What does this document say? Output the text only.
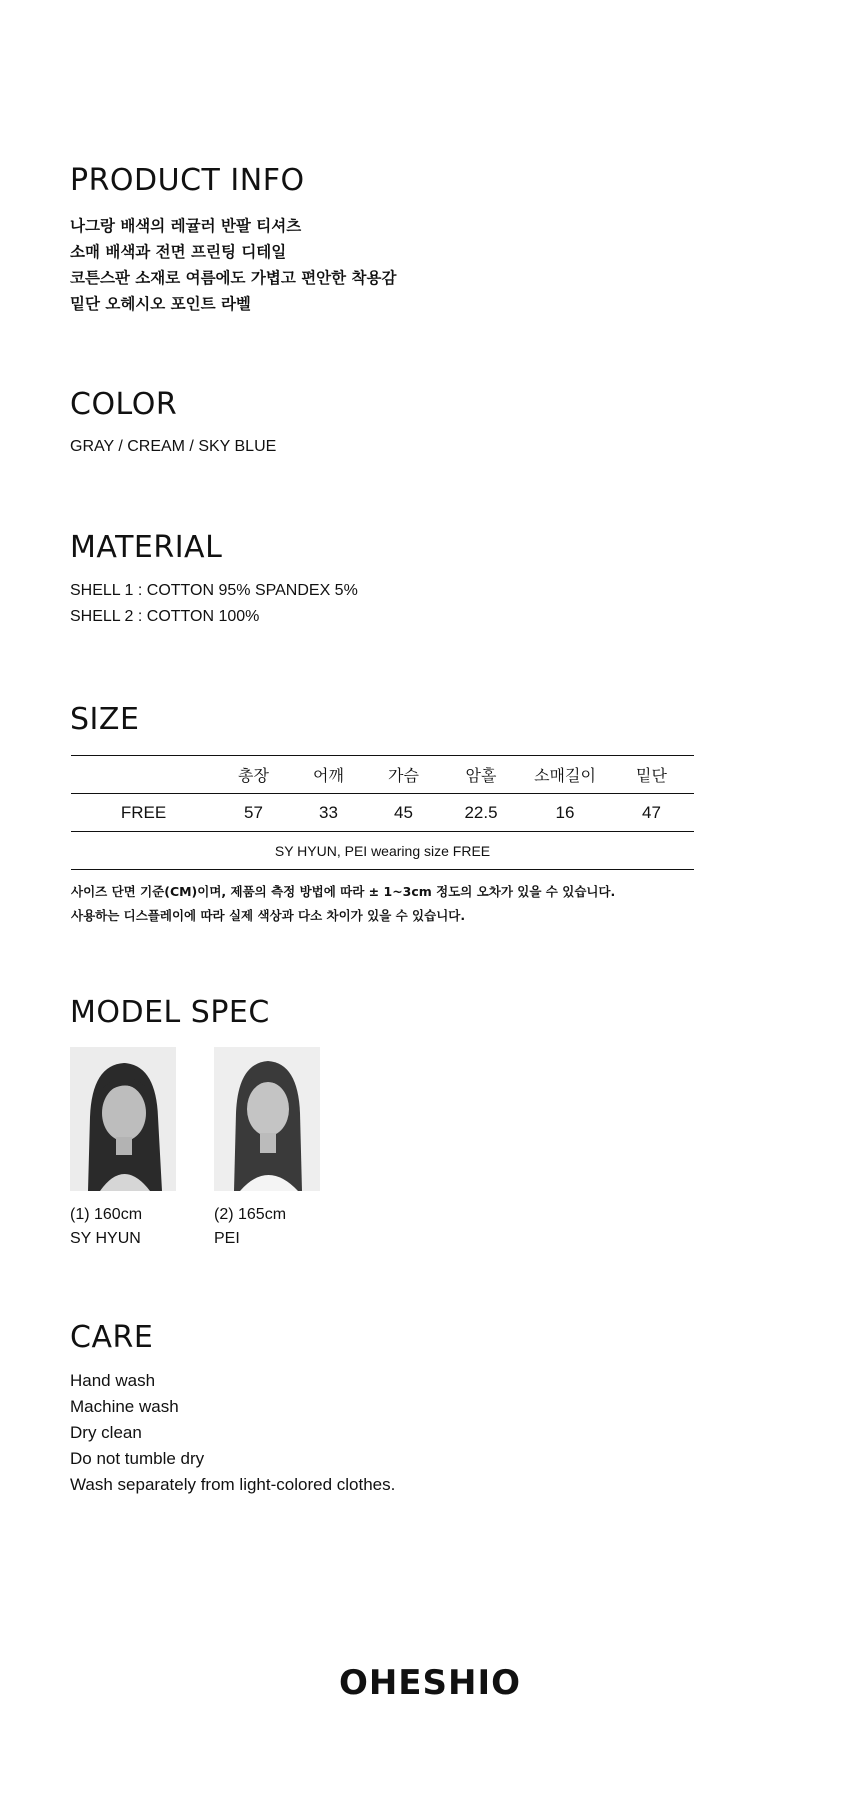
PRODUCT INFO
나그랑 배색의 레귤러 반팔 티셔츠
소매 배색과 전면 프린팅 디테일
코튼스판 소재로 여름에도 가볍고 편안한 착용감
밑단 오헤시오 포인트 라벨
COLOR
GRAY / CREAM / SKY BLUE
MATERIAL
SHELL 1 : COTTON 95% SPANDEX 5%
SHELL 2 : COTTON 100%
SIZE
	총장	어깨	가슴	암홀	소매길이	밑단
FREE	57	33	45	22.5	16	47
SY HYUN, PEI wearing size FREE						
사이즈 단면 기준(CM)이며, 제품의 측정 방법에 따라 ± 1~3cm 정도의 오차가 있을 수 있습니다.
사용하는 디스플레이에 따라 실제 색상과 다소 차이가 있을 수 있습니다.
MODEL SPEC
(1) 160cm
SY HYUN
(2) 165cm
PEI
CARE
Hand wash
Machine wash
Dry clean
Do not tumble dry
Wash separately from light-colored clothes.
OHESHIO
